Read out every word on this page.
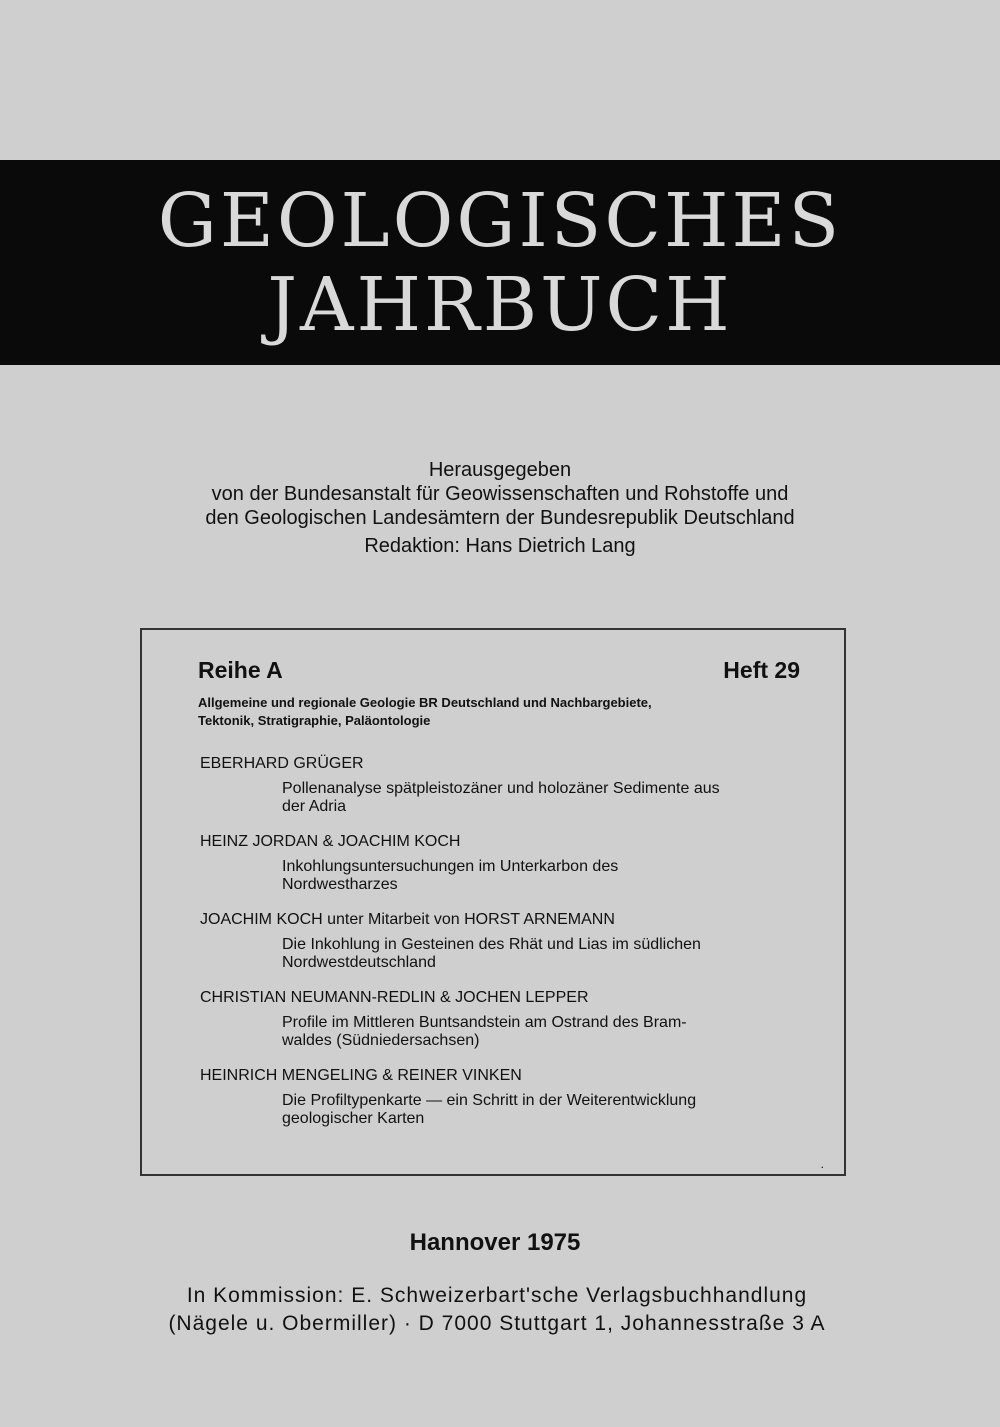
GEOLOGISCHES
JAHRBUCH
Herausgegeben
von der Bundesanstalt für Geowissenschaften und Rohstoffe und
den Geologischen Landesämtern der Bundesrepublik Deutschland
Redaktion: Hans Dietrich Lang
Reihe A	Heft 29
Allgemeine und regionale Geologie BR Deutschland und Nachbargebiete,
Tektonik, Stratigraphie, Paläontologie
EBERHARD GRÜGER
Pollenanalyse spätpleistozäner und holozäner Sedimente aus
der Adria
HEINZ JORDAN & JOACHIM KOCH
Inkohlungsuntersuchungen im Unterkarbon des
Nordwestharzes
JOACHIM KOCH unter Mitarbeit von HORST ARNEMANN
Die Inkohlung in Gesteinen des Rhät und Lias im südlichen
Nordwestdeutschland
CHRISTIAN NEUMANN-REDLIN & JOCHEN LEPPER
Profile im Mittleren Buntsandstein am Ostrand des Bram-
waldes (Südniedersachsen)
HEINRICH MENGELING & REINER VINKEN
Die Profiltypenkarte — ein Schritt in der Weiterentwicklung
geologischer Karten
.
Hannover 1975
In Kommission: E. Schweizerbart'sche Verlagsbuchhandlung
(Nägele u. Obermiller) · D 7000 Stuttgart 1, Johannesstraße 3 A
